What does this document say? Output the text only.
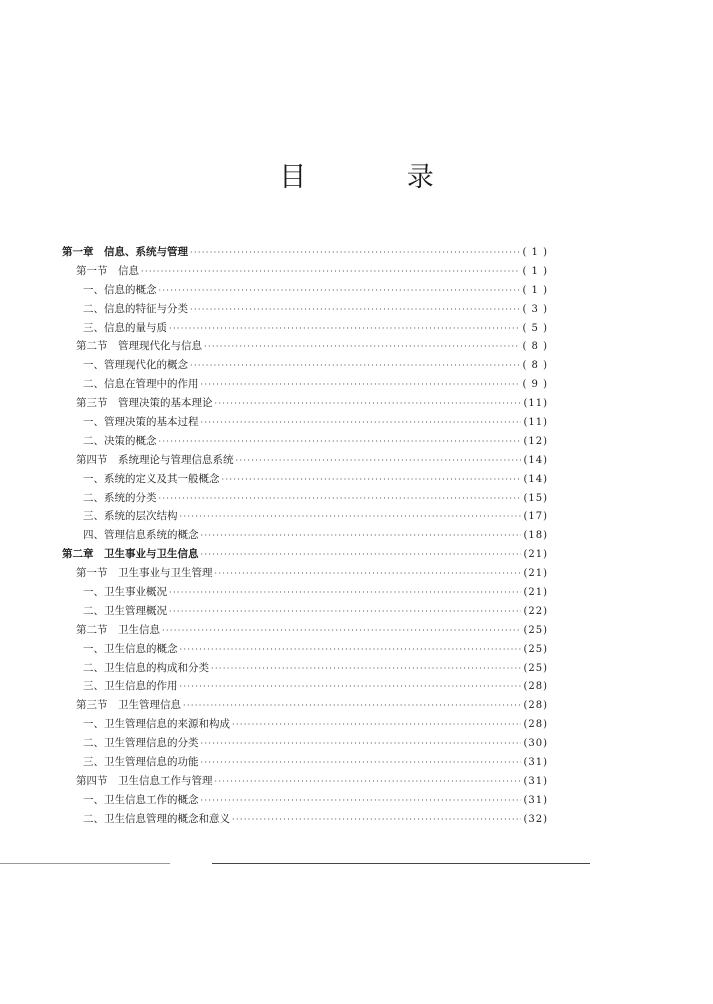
目 录
第一章　信息、系统与管理 ·····	( 1 )
第一节　信息 ·····	( 1 )
一、信息的概念 ·····	( 1 )
二、信息的特征与分类 ·····	( 3 )
三、信息的量与质 ·····	( 5 )
第二节　管理现代化与信息 ·····	( 8 )
一、管理现代化的概念 ·····	( 8 )
二、信息在管理中的作用 ·····	( 9 )
第三节　管理决策的基本理论 ·····	(11)
一、管理决策的基本过程 ·····	(11)
二、决策的概念 ·····	(12)
第四节　系统理论与管理信息系统 ·····	(14)
一、系统的定义及其一般概念 ·····	(14)
二、系统的分类 ·····	(15)
三、系统的层次结构 ·····	(17)
四、管理信息系统的概念 ·····	(18)
第二章　卫生事业与卫生信息 ·····	(21)
第一节　卫生事业与卫生管理 ·····	(21)
一、卫生事业概况 ·····	(21)
二、卫生管理概况 ·····	(22)
第二节　卫生信息 ·····	(25)
一、卫生信息的概念 ·····	(25)
二、卫生信息的构成和分类 ·····	(25)
三、卫生信息的作用 ·····	(28)
第三节　卫生管理信息 ·····	(28)
一、卫生管理信息的来源和构成 ·····	(28)
二、卫生管理信息的分类 ·····	(30)
三、卫生管理信息的功能 ·····	(31)
第四节　卫生信息工作与管理 ·····	(31)
一、卫生信息工作的概念 ·····	(31)
二、卫生信息管理的概念和意义 ·····	(32)
